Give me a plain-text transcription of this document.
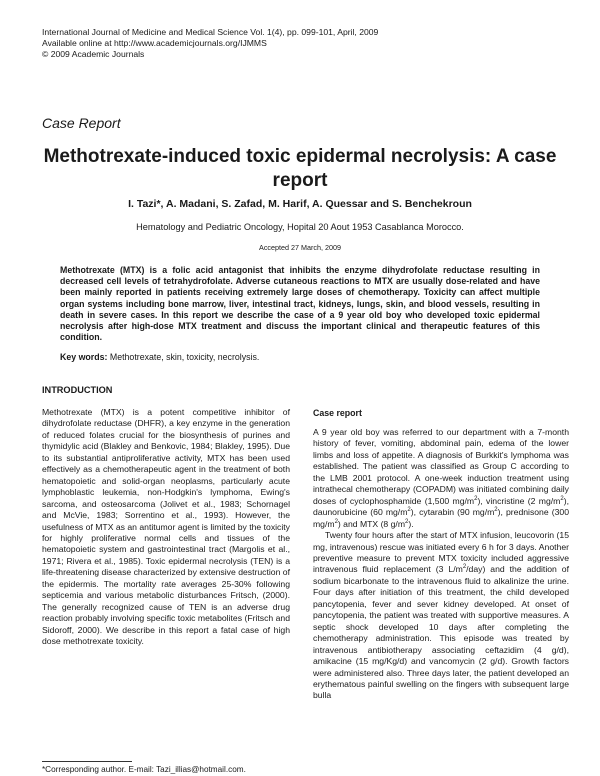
International Journal of Medicine and Medical Science Vol. 1(4), pp. 099-101, April, 2009
Available online at http://www.academicjournals.org/IJMMS
© 2009 Academic Journals
Case Report
Methotrexate-induced toxic epidermal necrolysis: A case report
I. Tazi*, A. Madani, S. Zafad, M. Harif, A. Quessar and S. Benchekroun
Hematology and Pediatric Oncology, Hopital 20 Aout 1953 Casablanca Morocco.
Accepted 27 March, 2009
Methotrexate (MTX) is a folic acid antagonist that inhibits the enzyme dihydrofolate reductase resulting in decreased cell levels of tetrahydrofolate. Adverse cutaneous reactions to MTX are usually dose-related and have been mainly reported in patients receiving extremely large doses of chemotherapy. Toxicity can affect multiple organ systems including bone marrow, liver, intestinal tract, kidneys, lungs, skin, and blood vessels, resulting in death in severe cases. In this report we describe the case of a 9 year old boy who developed toxic epidermal necrolysis after high-dose MTX treatment and discuss the important clinical and therapeutic features of this condition.
Key words: Methotrexate, skin, toxicity, necrolysis.
INTRODUCTION

Methotrexate (MTX) is a potent competitive inhibitor of dihydrofolate reductase (DHFR), a key enzyme in the generation of reduced folates crucial for the biosynthesis of purines and thymidylic acid (Blakley and Benkovic, 1984; Blakley, 1995). Due to its substantial antiproliferative activity, MTX has been used effectively as a chemotherapeutic agent in the treatment of both hematopoietic and solid-organ neoplasms, particularly acute lymphoblastic leukemia, non-Hodgkin's lymphoma, Ewing's sarcoma, and osteosarcoma (Jolivet et al., 1983; Schornagel and McVie, 1983; Sorrentino et al., 1993). However, the usefulness of MTX as an antitumor agent is limited by the toxicity for highly proliferative normal cells and tissues of the hematopoietic system and gastrointestinal tract (Margolis et al., 1971; Rivera et al., 1985). Toxic epidermal necrolysis (TEN) is a life-threatening disease characterized by extensive destruction of the epidermis. The mortality rate averages 25-30% following septicemia and various metabolic disturbances Fritsch, (2000). The generally recognized cause of TEN is an adverse drug reaction probably involving specific toxic metabolites (Fritsch and Sidoroff, 2000). We describe in this report a fatal case of high dose methotrexate toxicity.

Case report

A 9 year old boy was referred to our department with a 7-month history of fever, vomiting, abdominal pain, edema of the lower limbs and loss of appetite. A diagnosis of Burkkit's lymphoma was established. The patient was classified as Group C according to the LMB 2001 protocol. A one-week induction treatment using intrathecal chemotherapy (COPADM) was initiated combining daily doses of cyclophosphamide (1,500 $mg/m^2$), vincristine (2 $mg/m^2$), daunorubicine (60 $mg/m^2$), cytarabin (90 $mg/m^2$), prednisone (300 $mg/m^2$) and MTX (8 $g/m^2$).

Twenty four hours after the start of MTX infusion, leucovorin (15 mg, intravenous) rescue was initiated every 6 h for 3 days. Another preventive measure to prevent MTX toxicity included aggressive intravenous fluid replacement (3 $L/m^2/day$) and the addition of sodium bicarbonate to the intravenous fluid to alkalinize the urine. Four days after initiation of this treatment, the child developed pancytopenia, fever and sever kidney developed. At onset of pancytopenia, the patient was treated with supportive measures. A septic shock developed 10 days after completing the chemotherapy administration. This episode was treated by intravenous antibiotherapy associating ceftazidim (4 g/d), amikacine (15 mg/Kg/d) and vancomycin (2 g/d). Growth factors were administered also. Three days later, the patient developed an erythematous painful swelling on the fingers with subsequent large bulla

*Corresponding author. E-mail: Tazi_illias@hotmail.com.
